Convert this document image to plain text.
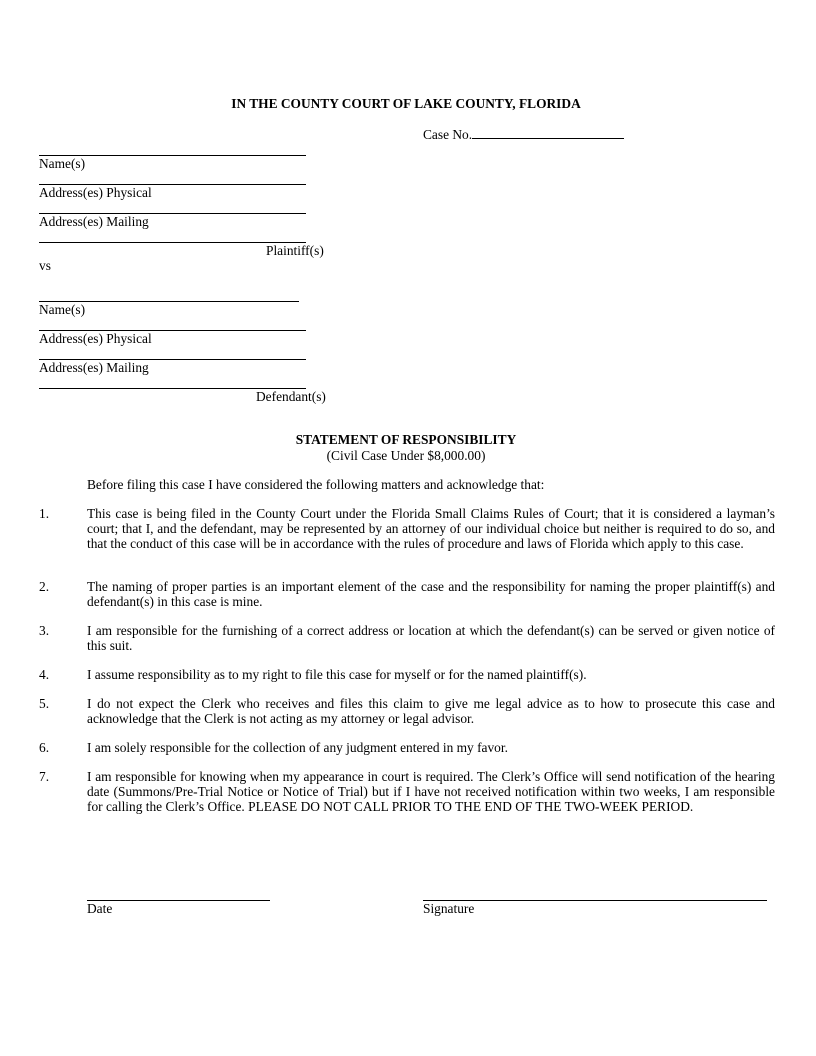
IN THE COUNTY COURT OF LAKE COUNTY, FLORIDA
Case No.
Name(s)
Address(es) Physical
Address(es) Mailing
Plaintiff(s)
vs
Name(s)
Address(es) Physical
Address(es) Mailing
Defendant(s)
STATEMENT OF RESPONSIBILITY
(Civil Case Under $8,000.00)
Before filing this case I have considered the following matters and acknowledge that:
1.	This case is being filed in the County Court under the Florida Small Claims Rules of Court; that it is considered a layman’s court; that I, and the defendant, may be represented by an attorney of our individual choice but neither is required to do so, and that the conduct of this case will be in accordance with the rules of procedure and laws of Florida which apply to this case.
2.	The naming of proper parties is an important element of the case and the responsibility for naming the proper plaintiff(s) and defendant(s) in this case is mine.
3.	I am responsible for the furnishing of a correct address or location at which the defendant(s) can be served or given notice of this suit.
4.	I assume responsibility as to my right to file this case for myself or for the named plaintiff(s).
5.	I do not expect the Clerk who receives and files this claim to give me legal advice as to how to prosecute this case and acknowledge that the Clerk is not acting as my attorney or legal advisor.
6.	I am solely responsible for the collection of any judgment entered in my favor.
7.	I am responsible for knowing when my appearance in court is required. The Clerk’s Office will send notification of the hearing date (Summons/Pre-Trial Notice or Notice of Trial) but if I have not received notification within two weeks, I am responsible for calling the Clerk’s Office. PLEASE DO NOT CALL PRIOR TO THE END OF THE TWO-WEEK PERIOD.
Date	Signature
